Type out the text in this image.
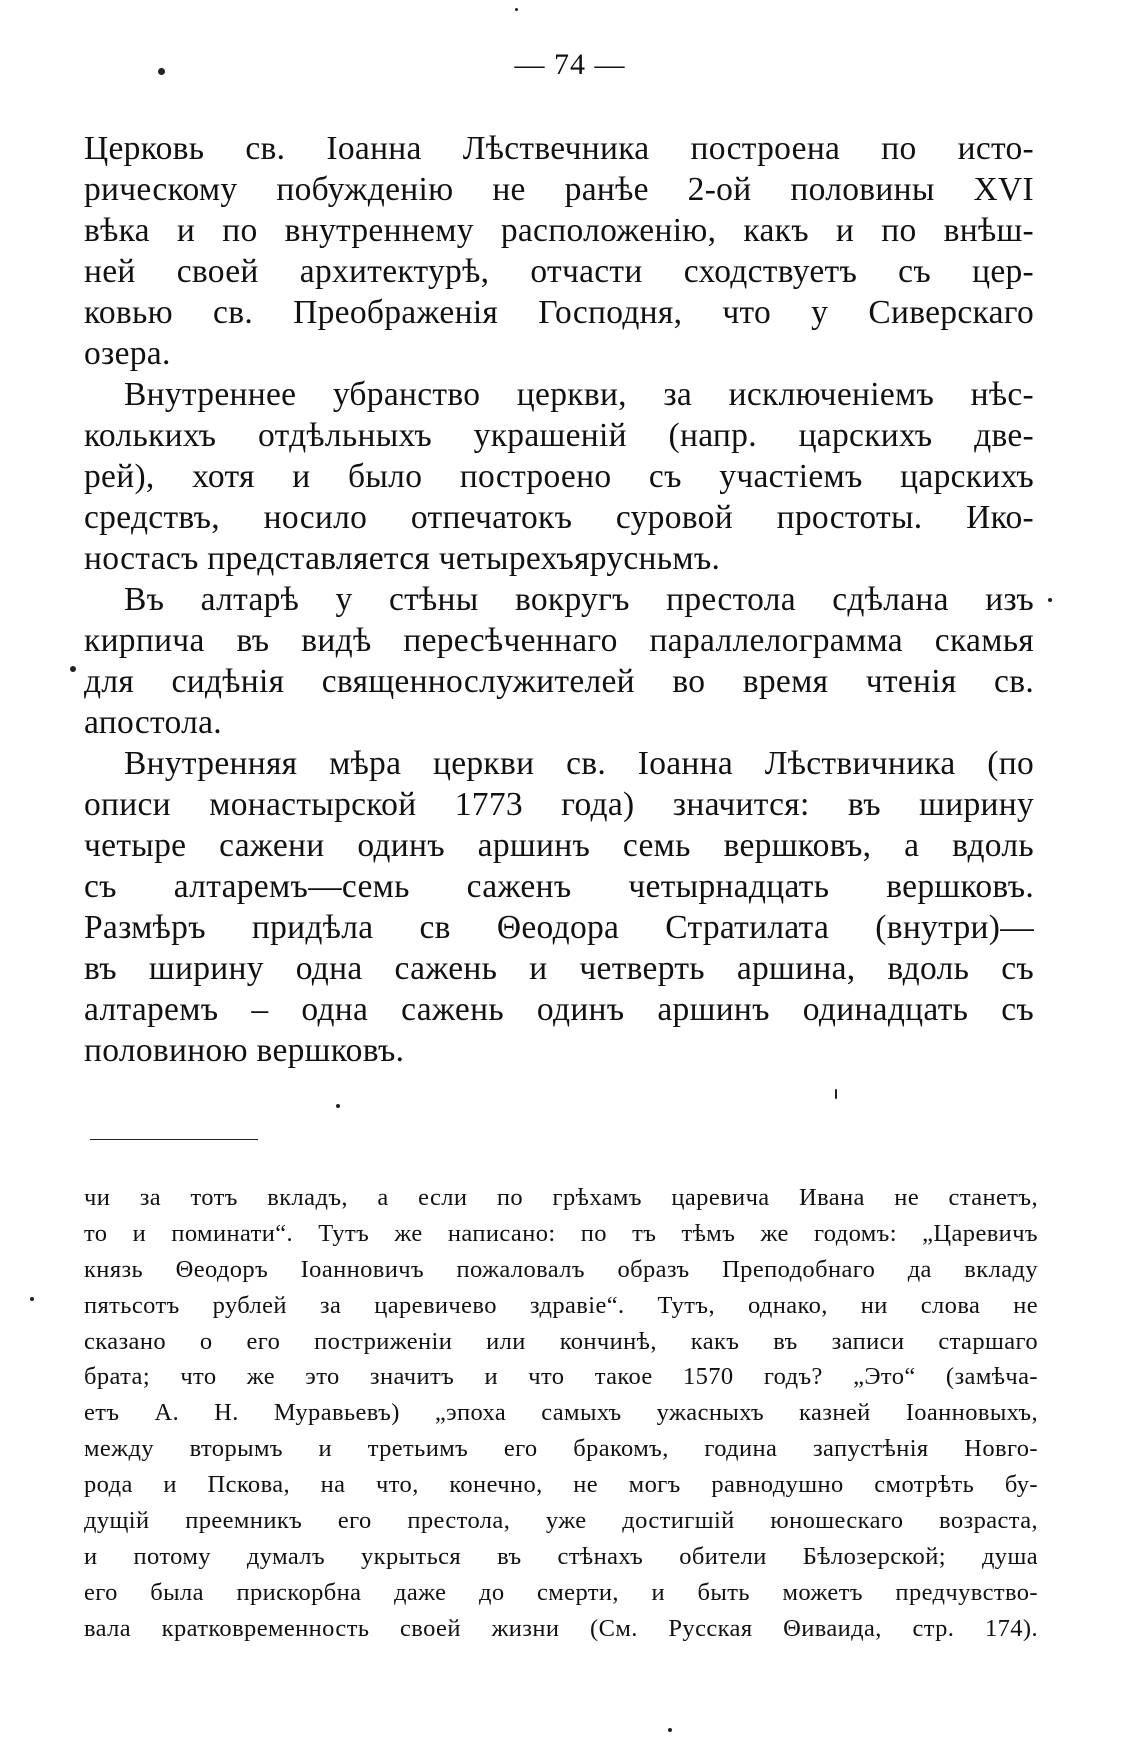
— 74 —
Церковь св. Іоанна Лѣствечника построена по исто-
рическому побужденію не ранѣе 2-ой половины XVI
вѣка и по внутреннему расположенію, какъ и по внѣш-
ней своей архитектурѣ, отчасти сходствуетъ съ цер-
ковью св. Преображенія Господня, что у Сиверскаго
озера.
Внутреннее убранство церкви, за исключеніемъ нѣс-
колькихъ отдѣльныхъ украшеній (напр. царскихъ две-
рей), хотя и было построено съ участіемъ царскихъ
средствъ, носило отпечатокъ суровой простоты. Ико-
ностасъ представляется четырехъярусньмъ.
Въ алтарѣ у стѣны вокругъ престола сдѣлана изъ
кирпича въ видѣ пересѣченнаго параллелограмма скамья
для сидѣнія священнослужителей во время чтенія св.
апостола.
Внутренняя мѣра церкви св. Іоанна Лѣствичника (по
описи монастырской 1773 года) значится: въ ширину
четыре сажени одинъ аршинъ семь вершковъ, а вдоль
съ алтаремъ—семь саженъ четырнадцать вершковъ.
Размѣръ придѣла св Θеодора Стратилата (внутри)—
въ ширину одна сажень и четверть аршина, вдоль съ
алтаремъ – одна сажень одинъ аршинъ одинадцать съ
половиною вершковъ.
чи за тотъ вкладъ, а если по грѣхамъ царевича Ивана не станетъ,
то и поминати“. Тутъ же написано: по тъ тѣмъ же годомъ: „Царевичъ
князь Θеодоръ Іоанновичъ пожаловалъ образъ Преподобнаго да вкладу
пятьсотъ рублей за царевичево здравіе“. Тутъ, однако, ни слова не
сказано о его постриженіи или кончинѣ, какъ въ записи старшаго
брата; что же это значитъ и что такое 1570 годъ? „Это“ (замѣча-
етъ А. Н. Муравьевъ) „эпоха самыхъ ужасныхъ казней Іоанновыхъ,
между вторымъ и третьимъ его бракомъ, година запустѣнія Новго-
рода и Пскова, на что, конечно, не могъ равнодушно смотрѣть бу-
дущій преемникъ его престола, уже достигшій юношескаго возраста,
и потому думалъ укрыться въ стѣнахъ обители Бѣлозерской; душа
его была прискорбна даже до смерти, и быть можетъ предчувство-
вала кратковременность своей жизни (См. Русская Θиваида, стр. 174).
